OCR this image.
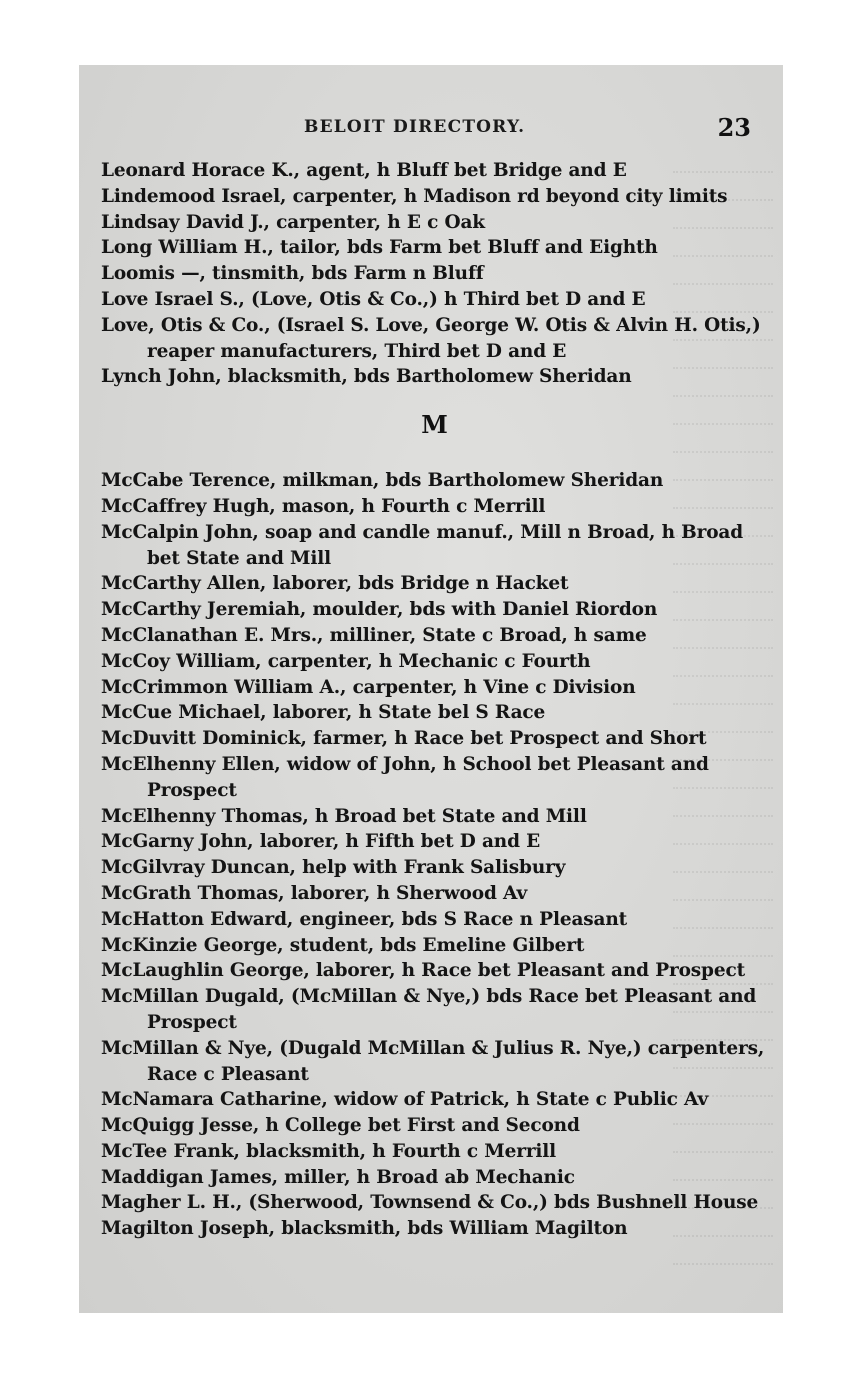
BELOIT DIRECTORY.	23
Leonard Horace K., agent, h Bluff bet Bridge and E
Lindemood Israel, carpenter, h Madison rd beyond city limits
Lindsay David J., carpenter, h E c Oak
Long William H., tailor, bds Farm bet Bluff and Eighth
Loomis —, tinsmith, bds Farm n Bluff
Love Israel S., (Love, Otis & Co.,) h Third bet D and E
Love, Otis & Co., (Israel S. Love, George W. Otis & Alvin H. Otis,) reaper manufacturers, Third bet D and E
Lynch John, blacksmith, bds Bartholomew Sheridan
M
McCabe Terence, milkman, bds Bartholomew Sheridan
McCaffrey Hugh, mason, h Fourth c Merrill
McCalpin John, soap and candle manuf., Mill n Broad, h Broad bet State and Mill
McCarthy Allen, laborer, bds Bridge n Hacket
McCarthy Jeremiah, moulder, bds with Daniel Riordon
McClanathan E. Mrs., milliner, State c Broad, h same
McCoy William, carpenter, h Mechanic c Fourth
McCrimmon William A., carpenter, h Vine c Division
McCue Michael, laborer, h State bel S Race
McDuvitt Dominick, farmer, h Race bet Prospect and Short
McElhenny Ellen, widow of John, h School bet Pleasant and Prospect
McElhenny Thomas, h Broad bet State and Mill
McGarny John, laborer, h Fifth bet D and E
McGilvray Duncan, help with Frank Salisbury
McGrath Thomas, laborer, h Sherwood Av
McHatton Edward, engineer, bds S Race n Pleasant
McKinzie George, student, bds Emeline Gilbert
McLaughlin George, laborer, h Race bet Pleasant and Prospect
McMillan Dugald, (McMillan & Nye,) bds Race bet Pleasant and Prospect
McMillan & Nye, (Dugald McMillan & Julius R. Nye,) carpenters, Race c Pleasant
McNamara Catharine, widow of Patrick, h State c Public Av
McQuigg Jesse, h College bet First and Second
McTee Frank, blacksmith, h Fourth c Merrill
Maddigan James, miller, h Broad ab Mechanic
Magher L. H., (Sherwood, Townsend & Co.,) bds Bushnell House
Magilton Joseph, blacksmith, bds William Magilton
